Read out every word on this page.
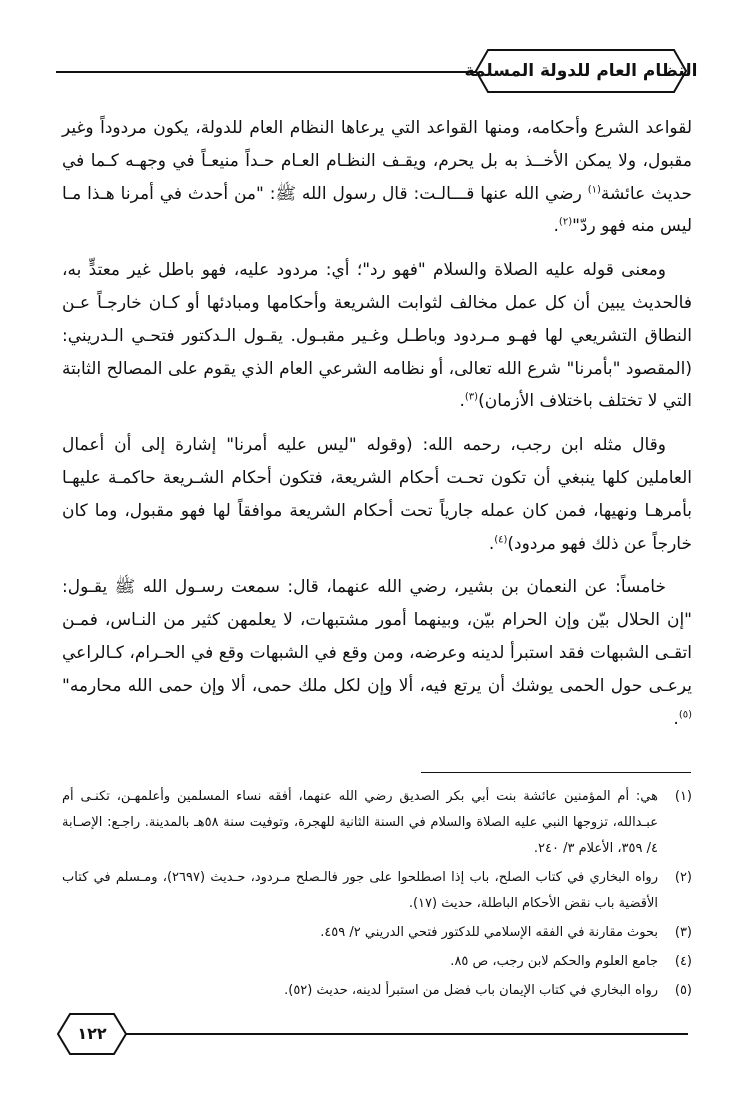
النظام العام للدولة المسلمة

لقواعد الشرع وأحكامه، ومنها القواعد التي يرعاها النظام العام للدولة، يكون مردوداً وغير مقبول، ولا يمكن الأخــذ به بل يحرم، ويقـف النظـام العـام حـداً منيعـاً في وجهـه كـما في حديث عائشة$^{(١)}$ رضي الله عنها قـــالـت: قال رسول الله ﷺ: "من أحدث في أمرنا هـذا مـا ليس منه فهو ردّ"$^{(٢)}$.

ومعنى قوله عليه الصلاة والسلام "فهو رد"؛ أي: مردود عليه، فهو باطل غير معتدٍّ به، فالحديث يبين أن كل عمل مخالف لثوابت الشريعة وأحكامها ومبادئها أو كـان خارجـاً عـن النطاق التشريعي لها فهـو مـردود وباطـل وغـير مقبـول. يقـول الـدكتور فتحـي الـدريني: (المقصود "بأمرنا" شرع الله تعالى، أو نظامه الشرعي العام الذي يقوم على المصالح الثابتة التي لا تختلف باختلاف الأزمان)$^{(٣)}$.

وقال مثله ابن رجب، رحمه الله: (وقوله "ليس عليه أمرنا" إشارة إلى أن أعمال العاملين كلها ينبغي أن تكون تحـت أحكام الشريعة، فتكون أحكام الشـريعة حاكمـة عليهـا بأمرهـا ونهيها، فمن كان عمله جارياً تحت أحكام الشريعة موافقاً لها فهو مقبول، وما كان خارجاً عن ذلك فهو مردود)$^{(٤)}$.

خامساً: عن النعمان بن بشير، رضي الله عنهما، قال: سمعت رسـول الله ﷺ يقـول: "إن الحلال بيّن وإن الحرام بيّن، وبينهما أمور مشتبهات، لا يعلمهن كثير من النـاس، فمـن اتقـى الشبهات فقد استبرأ لدينه وعرضه، ومن وقع في الشبهات وقع في الحـرام، كـالراعي يرعـى حول الحمى يوشك أن يرتع فيه، ألا وإن لكل ملك حمى، ألا وإن حمى الله محارمه"$^{(٥)}$.

(١)
هي: أم المؤمنين عائشة بنت أبي بكر الصديق رضي الله عنهما، أفقه نساء المسلمين وأعلمهـن، تكنـى أم عبـدالله، تزوجها النبي عليه الصلاة والسلام في السنة الثانية للهجرة، وتوفيت سنة ٥٨هـ بالمدينة. راجـع: الإصـابة ٤/ ٣٥٩، الأعلام ٣/ ٢٤٠.
(٢)
رواه البخاري في كتاب الصلح، باب إذا اصطلحوا على جور فالـصلح مـردود، حـديث (٢٦٩٧)، ومـسلم في كتاب الأقضية باب نقض الأحكام الباطلة، حديث (١٧).
(٣)
بحوث مقارنة في الفقه الإسلامي للدكتور فتحي الدريني ٢/ ٤٥٩.
(٤)
جامع العلوم والحكم لابن رجب، ص ٨٥.
(٥)
رواه البخاري في كتاب الإيمان باب فضل من استبرأ لدينه، حديث (٥٢).
١٢٢
